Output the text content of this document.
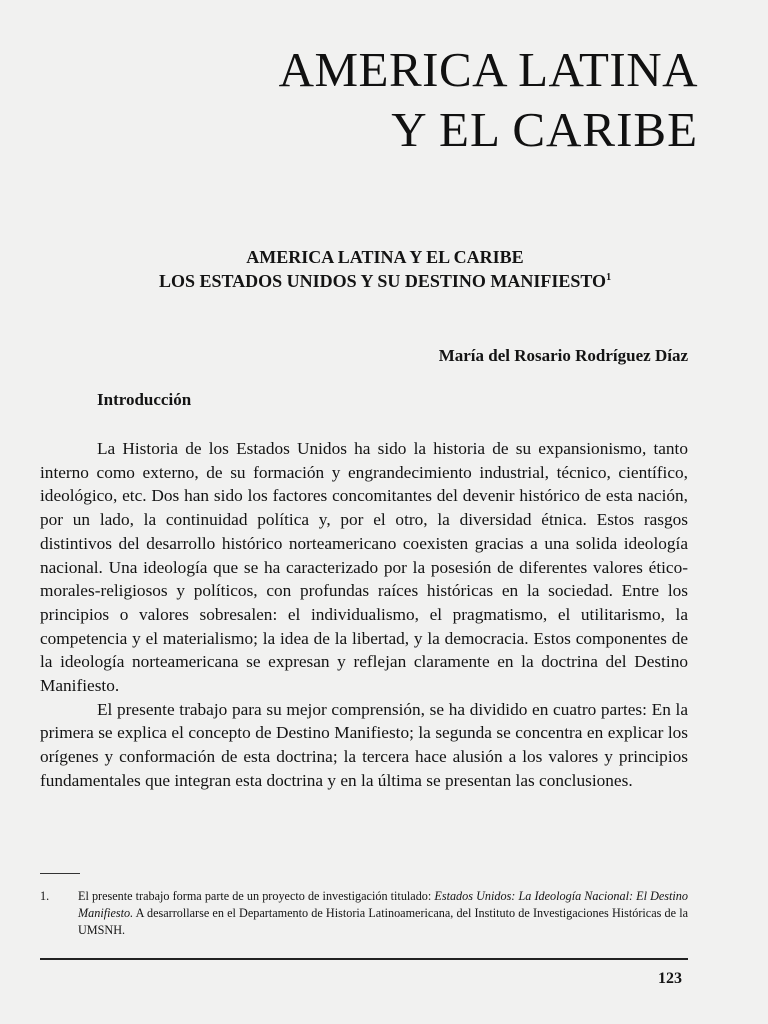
AMERICA LATINA
Y EL CARIBE
AMERICA LATINA Y EL CARIBE
LOS ESTADOS UNIDOS Y SU DESTINO MANIFIESTO$^1$

María del Rosario Rodríguez Díaz

Introducción

La Historia de los Estados Unidos ha sido la historia de su expansionismo, tanto interno como externo, de su formación y engrandecimiento industrial, técnico, científico, ideológico, etc. Dos han sido los factores concomitantes del devenir histórico de esta nación, por un lado, la continuidad política y, por el otro, la diversidad étnica. Estos rasgos distintivos del desarrollo histórico norteamericano coexisten gracias a una solida ideología nacional. Una ideología que se ha caracterizado por la posesión de diferentes valores ético-morales-religiosos y políticos, con profundas raíces históricas en la sociedad. Entre los principios o valores sobresalen: el individualismo, el pragmatismo, el utilitarismo, la competencia y el materialismo; la idea de la libertad, y la democracia. Estos componentes de la ideología norteamericana se expresan y reflejan claramente en la doctrina del Destino Manifiesto.

El presente trabajo para su mejor comprensión, se ha dividido en cuatro partes: En la primera se explica el concepto de Destino Manifiesto; la segunda se concentra en explicar los orígenes y conformación de esta doctrina; la tercera hace alusión a los valores y principios fundamentales que integran esta doctrina y en la última se presentan las conclusiones.

1.	El presente trabajo forma parte de un proyecto de investigación titulado: Estados Unidos: La Ideología Nacional: El Destino Manifiesto. A desarrollarse en el Departamento de Historia Latinoamericana, del Instituto de Investigaciones Históricas de la UMSNH.

123
